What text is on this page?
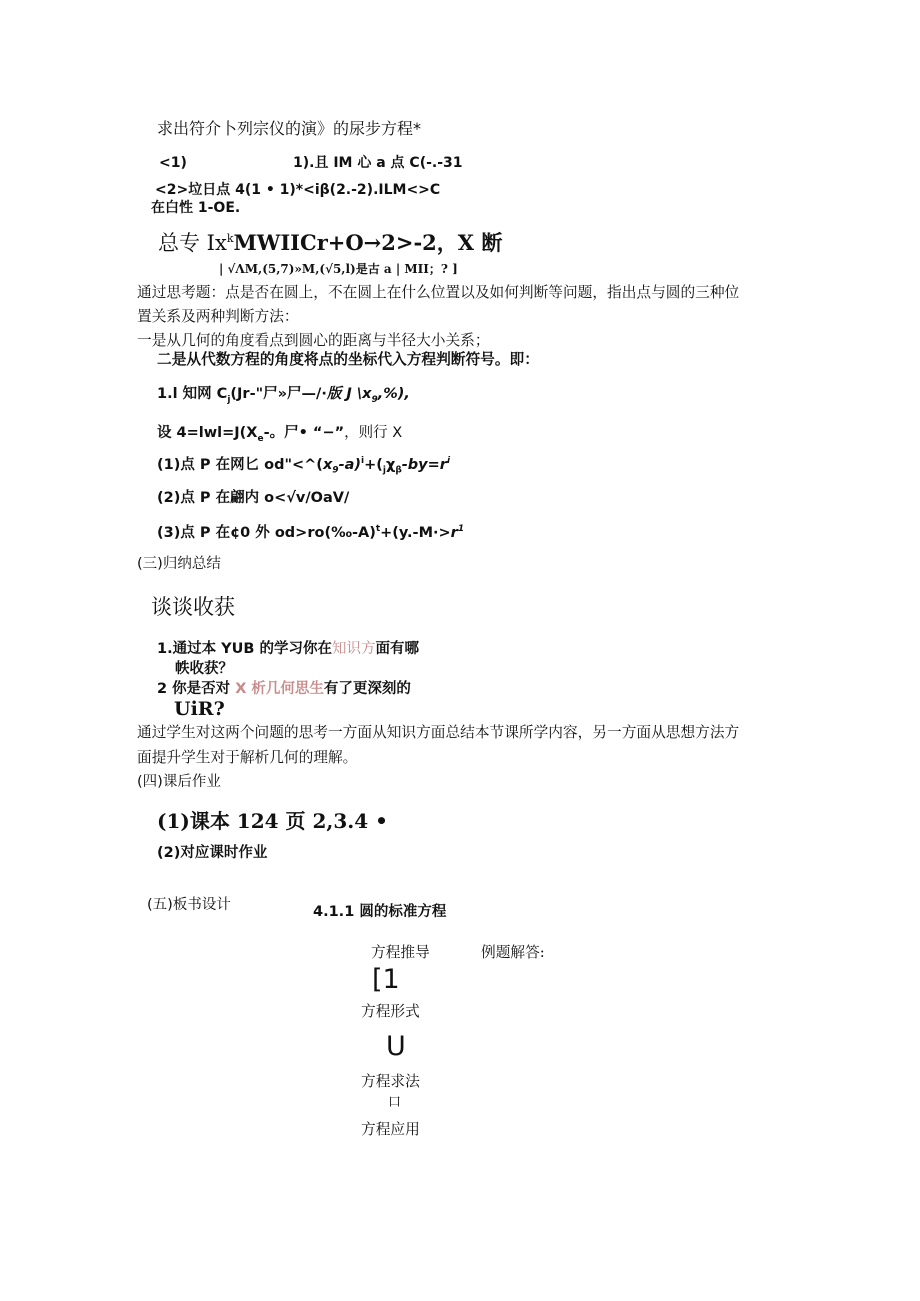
求出符介卜列宗仪的演》的尿步方程*
<1)	1).且 IM 心 a 点 C(-.-31
<2>垃日点 4(1 • 1)*<iβ(2.-2).ILM<>C
在白性 1-OE.
总专 $Ix^kMWIICr+O\to 2>-2$，X 断
| √ΛM,(5,7)»M,(√5,l)是古 a | MII；? ]
通过思考题：点是否在圆上，不在圆上在什么位置以及如何判断等问题，指出点与圆的三种位
置关系及两种判断方法：
一是从几何的角度看点到圆心的距离与半径大小关系；
二是从代数方程的角度将点的坐标代入方程判断符号。即：
1.l 知网 $C_j(Jr-$"尸»尸—/·版 J $\backslash x_9,\%$),
设 $4=lwl=J(X_e-$。尸• “−”，则行 X
(1)点 P 在网匕 $od"<\^{}(x_9-a)^i+(_j\chi_\beta-by=r^i$
(2)点 P 在翩内 o<√v/OaV/
(3)点 P 在¢0 外 $od>ro(‰-A)^t+(y.-M\cdot>r^1$
(三)归纳总结
谈谈收获
1.通过本 YUB 的学习你在知识方面有哪
帙收获？
2 你是否对 X 析几何思生有了更深刻的
UiR?
通过学生对这两个问题的思考一方面从知识方面总结本节课所学内容，另一方面从思想方法方
面提升学生对于解析几何的理解。
(四)课后作业
(1)课本 124 页 2,3.4 •
(2)对应课时作业
(五)板书设计	4.1.1 圆的标准方程
方程推导	例题解答:
[1
方程形式
U
方程求法
口
方程应用
